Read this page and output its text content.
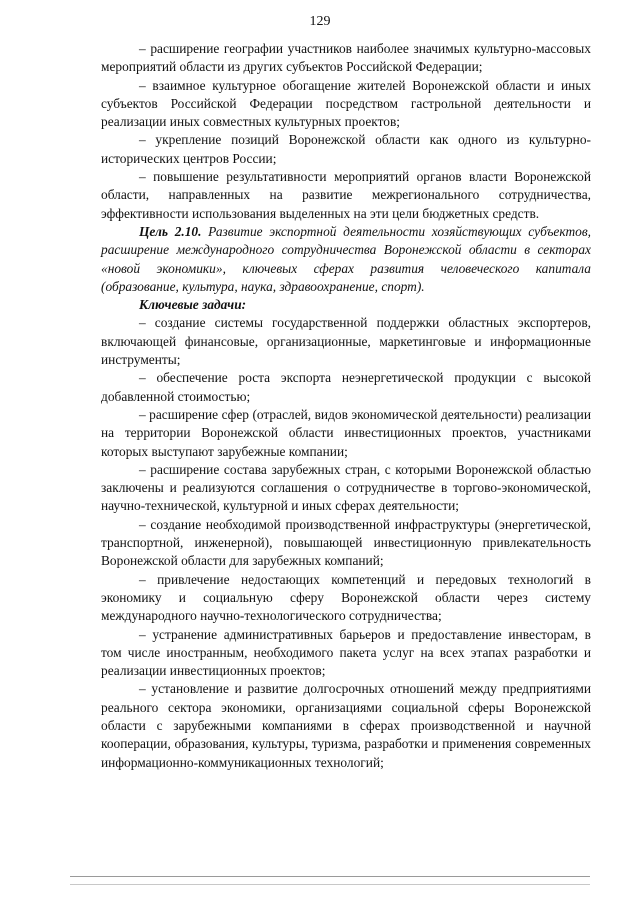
129

– расширение географии участников наиболее значимых культурно-массовых мероприятий области из других субъектов Российской Федерации;

– взаимное культурное обогащение жителей Воронежской области и иных субъектов Российской Федерации посредством гастрольной деятельности и реализации иных совместных культурных проектов;

– укрепление позиций Воронежской области как одного из культурно-исторических центров России;

– повышение результативности мероприятий органов власти Воронежской области, направленных на развитие межрегионального сотрудничества, эффективности использования выделенных на эти цели бюджетных средств.

Цель 2.10. Развитие экспортной деятельности хозяйствующих субъектов, расширение международного сотрудничества Воронежской области в секторах «новой экономики», ключевых сферах развития человеческого капитала (образование, культура, наука, здравоохранение, спорт).

Ключевые задачи:

– создание системы государственной поддержки областных экспортеров, включающей финансовые, организационные, маркетинговые и информационные инструменты;

– обеспечение роста экспорта неэнергетической продукции с высокой добавленной стоимостью;

– расширение сфер (отраслей, видов экономической деятельности) реализации на территории Воронежской области инвестиционных проектов, участниками которых выступают зарубежные компании;

– расширение состава зарубежных стран, с которыми Воронежской областью заключены и реализуются соглашения о сотрудничестве в торгово-экономической, научно-технической, культурной и иных сферах деятельности;

– создание необходимой производственной инфраструктуры (энергетической, транспортной, инженерной), повышающей инвестиционную привлекательность Воронежской области для зарубежных компаний;

– привлечение недостающих компетенций и передовых технологий в экономику и социальную сферу Воронежской области через систему международного научно-технологического сотрудничества;

– устранение административных барьеров и предоставление инвесторам, в том числе иностранным, необходимого пакета услуг на всех этапах разработки и реализации инвестиционных проектов;

– установление и развитие долгосрочных отношений между предприятиями реального сектора экономики, организациями социальной сферы Воронежской области с зарубежными компаниями в сферах производственной и научной кооперации, образования, культуры, туризма, разработки и применения современных информационно-коммуникационных технологий;
